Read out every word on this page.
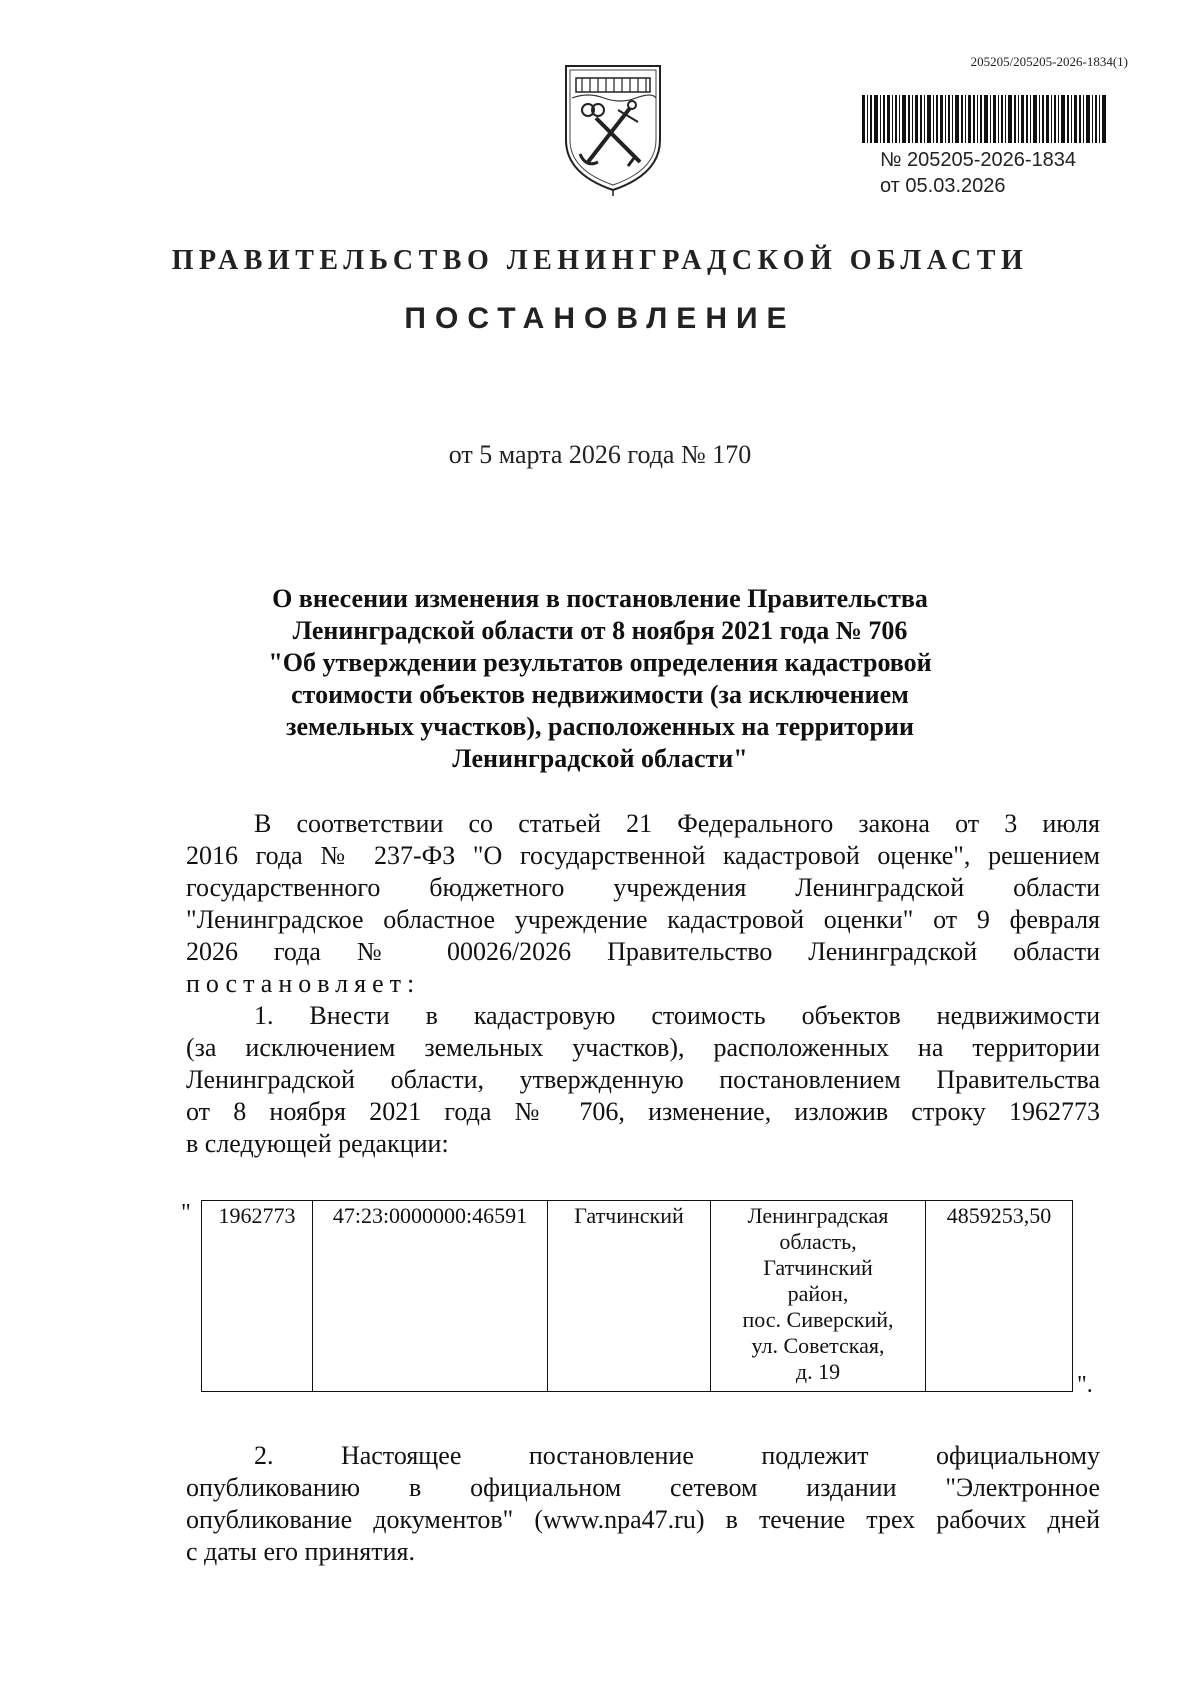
205205/205205-2026-1834(1)
№ 205205-2026-1834
от 05.03.2026
ПРАВИТЕЛЬСТВО ЛЕНИНГРАДСКОЙ ОБЛАСТИ
ПОСТАНОВЛЕНИЕ
от 5 марта 2026 года № 170
О внесении изменения в постановление Правительства
Ленинградской области от 8 ноября 2021 года № 706
"Об утверждении результатов определения кадастровой
стоимости объектов недвижимости (за исключением
земельных участков), расположенных на территории
Ленинградской области"
В соответствии со статьей 21 Федерального закона от 3 июля
2016 года № 237-ФЗ "О государственной кадастровой оценке", решением
государственного бюджетного учреждения Ленинградской области
"Ленинградское областное учреждение кадастровой оценки" от 9 февраля
2026 года № 00026/2026 Правительство Ленинградской области
постановляет:
1. Внести в кадастровую стоимость объектов недвижимости
(за исключением земельных участков), расположенных на территории
Ленинградской области, утвержденную постановлением Правительства
от 8 ноября 2021 года № 706, изменение, изложив строку 1962773
в следующей редакции:
" 1962773	47:23:0000000:46591	Гатчинский	Ленинградская
область,
Гатчинский
район,
пос. Сиверский,
ул. Советская,
д. 19
	4859253,50
".
2. Настоящее постановление подлежит официальному
опубликованию в официальном сетевом издании "Электронное
опубликование документов" (www.npa47.ru) в течение трех рабочих дней
с даты его принятия.
